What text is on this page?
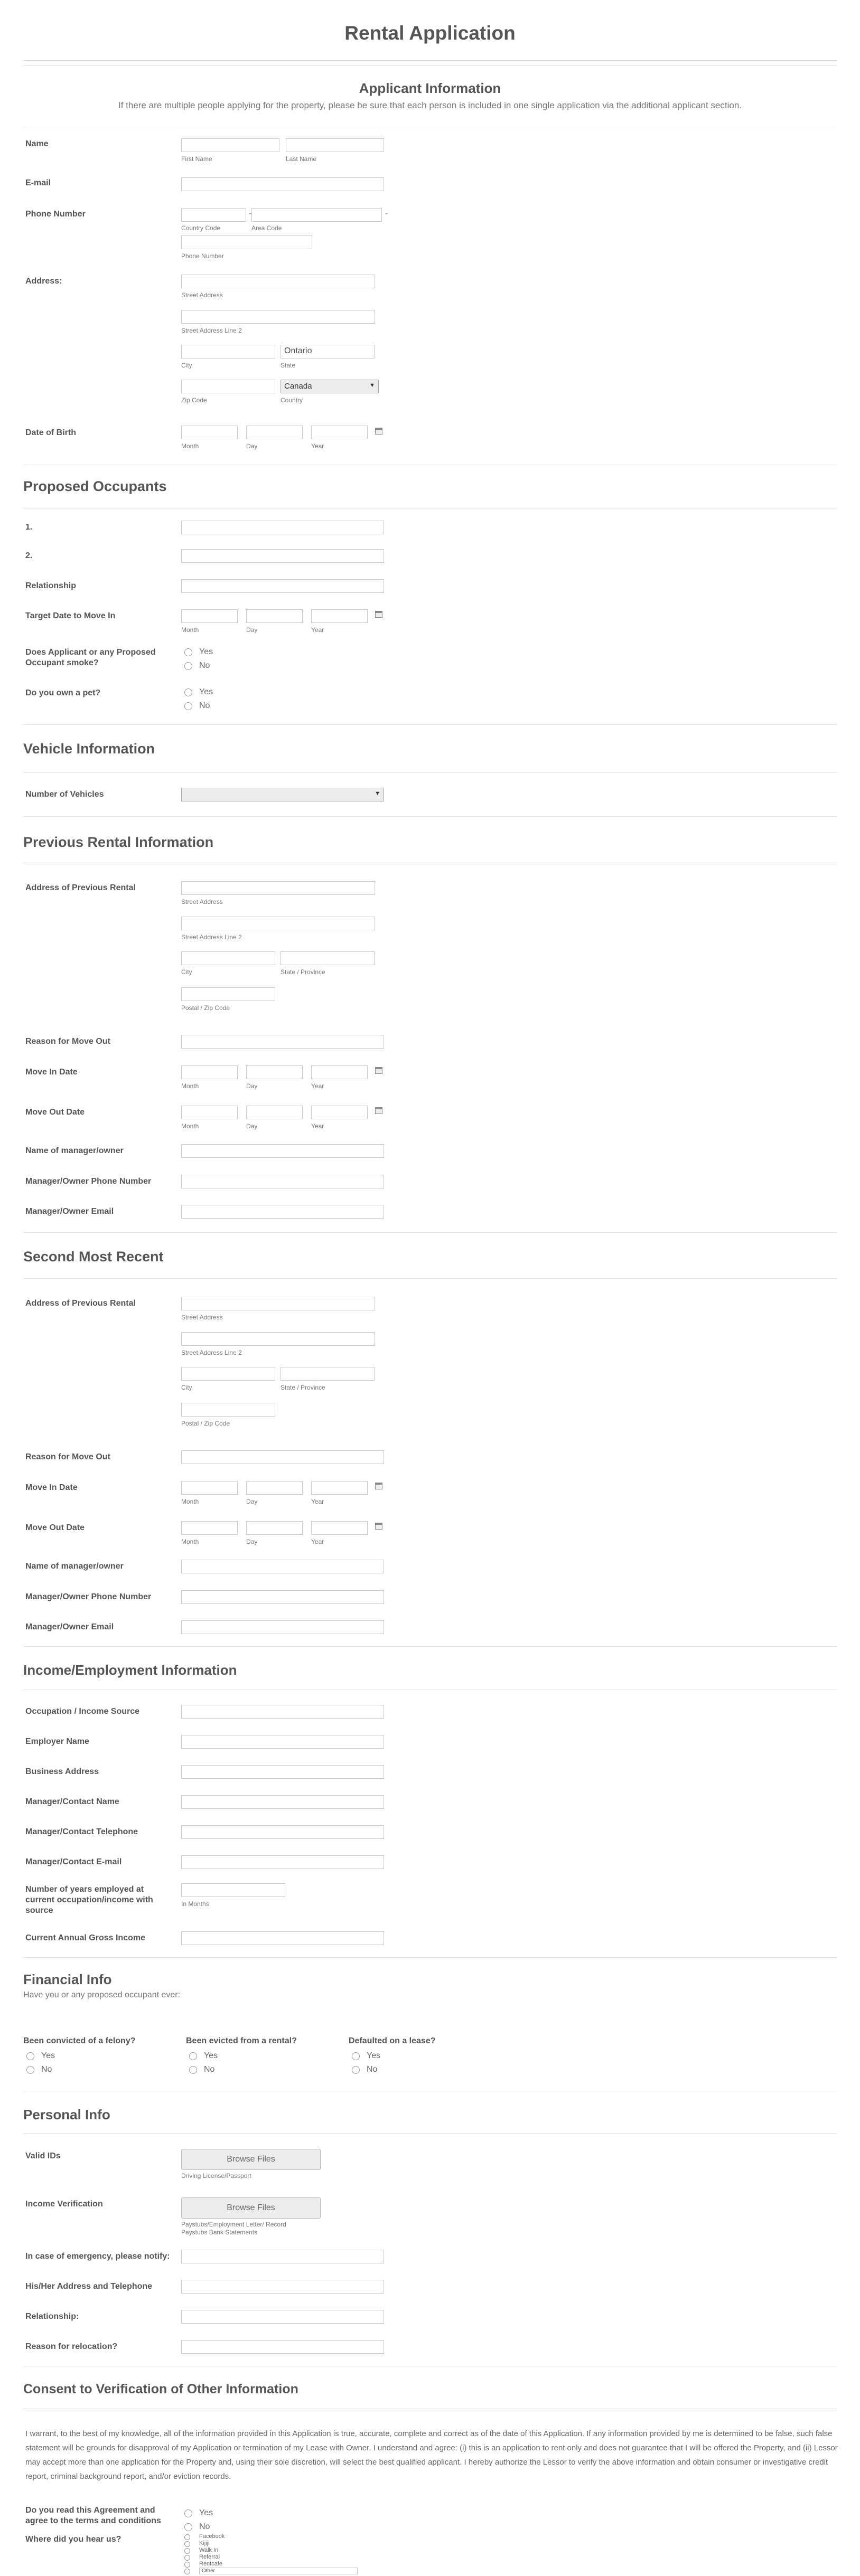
Rental Application
Applicant Information
If there are multiple people applying for the property, please be sure that each person is included in one single application via the additional applicant section.
Name
First Name	Last Name
E-mail
Phone Number	-
Country Code
-
Area Code
Phone Number
Address:
Street Address
Street Address Line 2
City
Ontario
State
Zip Code
Canada	▼
Country
Date of Birth
Month	Day	Year
Proposed Occupants
1.
2.
Relationship
Target Date to Move In
Month	Day	Year
Does Applicant or any Proposed Occupant smoke?
Yes
No
Do you own a pet?	Yes
No
Vehicle Information
Number of Vehicles	▼
Previous Rental Information
Address of Previous Rental
Street Address
Street Address Line 2
City	State / Province
Postal / Zip Code
Reason for Move Out
Move In Date
Month	Day	Year
Move Out Date
Month	Day	Year
Name of manager/owner
Manager/Owner Phone Number
Manager/Owner Email
Second Most Recent
Address of Previous Rental
Street Address
Street Address Line 2
City	State / Province
Postal / Zip Code
Reason for Move Out
Move In Date
Month	Day	Year
Move Out Date
Month	Day	Year
Name of manager/owner
Manager/Owner Phone Number
Manager/Owner Email
Income/Employment Information
Occupation / Income Source
Employer Name
Business Address
Manager/Contact Name
Manager/Contact Telephone
Manager/Contact E-mail
Number of years employed at current occupation/income with source
In Months
Current Annual Gross Income
Financial Info
Have you or any proposed occupant ever:
Been convicted of a felony?
Yes
No
Been evicted from a rental?
Yes
No
Defaulted on a lease?
Yes
No
Personal Info
Valid IDs	Browse Files
Driving License/Passport
Income Verification	Browse Files
Paystubs/Employment Letter/ Record
Paystubs Bank Statements
In case of emergency, please notify:
His/Her Address and Telephone
Relationship:
Reason for relocation?
Consent to Verification of Other Information
I warrant, to the best of my knowledge, all of the information provided in this Application is true, accurate, complete and correct as of the date of this Application. If any information provided by me is determined to be false, such false statement will be grounds for disapproval of my Application or termination of my Lease with Owner. I understand and agree: (i) this is an application to rent only and does not guarantee that I will be offered the Property, and (ii) Lessor may accept more than one application for the Property and, using their sole discretion, will select the best qualified applicant. I hereby authorize the Lessor to verify the above information and obtain consumer or investigative credit report, criminal background report, and/or eviction records.
Do you read this Agreement and agree to the terms and conditions
Yes
No
Where did you hear us?	Facebook
Kijiji
Walk In
Referral
Rentcafe
Other
